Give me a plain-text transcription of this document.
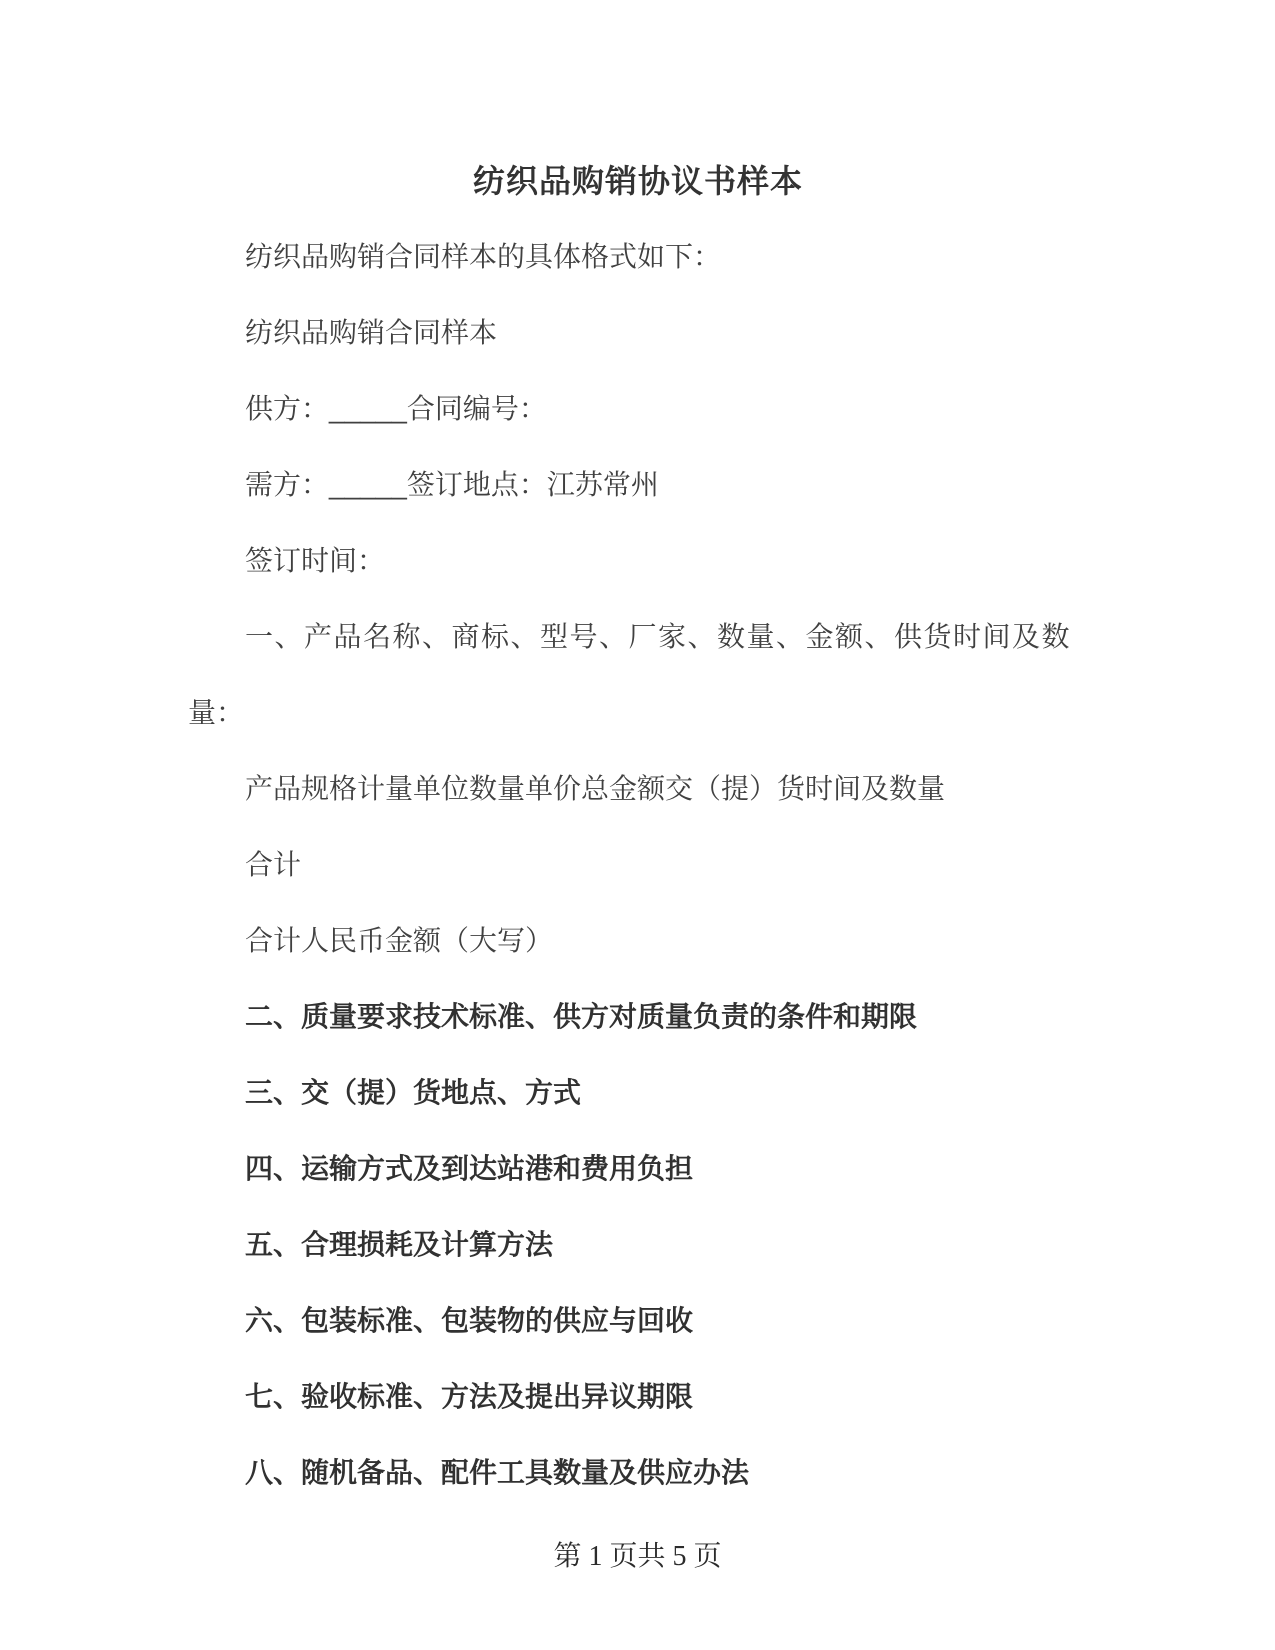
纺织品购销协议书样本

纺织品购销合同样本的具体格式如下：

纺织品购销合同样本

供方：_____合同编号：

需方：_____签订地点：江苏常州

签订时间：

一、产品名称、商标、型号、厂家、数量、金额、供货时间及数

量：

产品规格计量单位数量单价总金额交（提）货时间及数量

合计

合计人民币金额（大写）

二、质量要求技术标准、供方对质量负责的条件和期限

三、交（提）货地点、方式

四、运输方式及到达站港和费用负担

五、合理损耗及计算方法

六、包装标准、包装物的供应与回收

七、验收标准、方法及提出异议期限

八、随机备品、配件工具数量及供应办法

第 1 页共 5 页
